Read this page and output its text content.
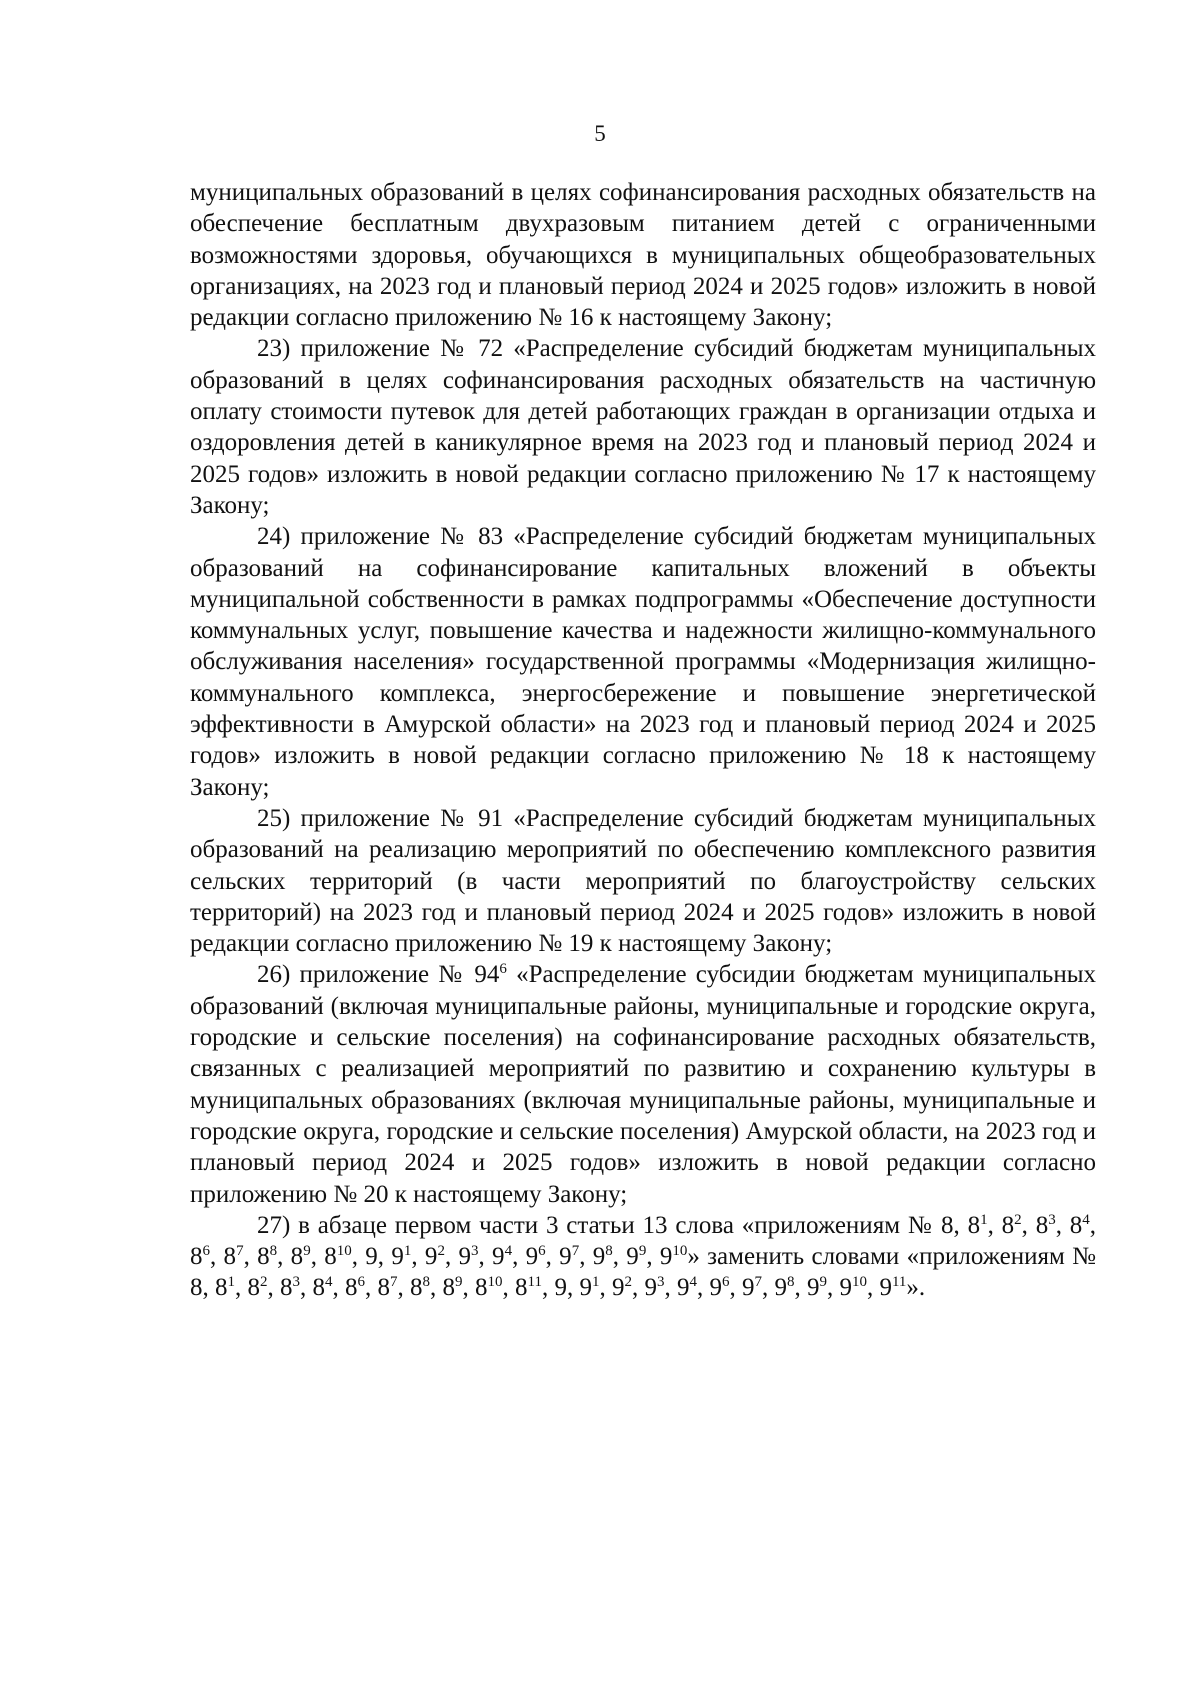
5

муниципальных образований в целях софинансирования расходных обязательств на обеспечение бесплатным двухразовым питанием детей с ограниченными возможностями здоровья, обучающихся в муниципальных общеобразовательных организациях, на 2023 год и плановый период 2024 и 2025 годов» изложить в новой редакции согласно приложению № 16 к настоящему Закону;

23) приложение № 72 «Распределение субсидий бюджетам муниципальных образований в целях софинансирования расходных обязательств на частичную оплату стоимости путевок для детей работающих граждан в организации отдыха и оздоровления детей в каникулярное время на 2023 год и плановый период 2024 и 2025 годов» изложить в новой редакции согласно приложению № 17 к настоящему Закону;

24) приложение № 83 «Распределение субсидий бюджетам муниципальных образований на софинансирование капитальных вложений в объекты муниципальной собственности в рамках подпрограммы «Обеспечение доступности коммунальных услуг, повышение качества и надежности жилищно-коммунального обслуживания населения» государственной программы «Модернизация жилищно-коммунального комплекса, энергосбережение и повышение энергетической эффективности в Амурской области» на 2023 год и плановый период 2024 и 2025 годов» изложить в новой редакции согласно приложению № 18 к настоящему Закону;

25) приложение № 91 «Распределение субсидий бюджетам муниципальных образований на реализацию мероприятий по обеспечению комплексного развития сельских территорий (в части мероприятий по благоустройству сельских территорий) на 2023 год и плановый период 2024 и 2025 годов» изложить в новой редакции согласно приложению № 19 к настоящему Закону;

26) приложение № $94^6$ «Распределение субсидии бюджетам муниципальных образований (включая муниципальные районы, муниципальные и городские округа, городские и сельские поселения) на софинансирование расходных обязательств, связанных с реализацией мероприятий по развитию и сохранению культуры в муниципальных образованиях (включая муниципальные районы, муниципальные и городские округа, городские и сельские поселения) Амурской области, на 2023 год и плановый период 2024 и 2025 годов» изложить в новой редакции согласно приложению № 20 к настоящему Закону;

27) в абзаце первом части 3 статьи 13 слова «приложениям № 8, $8^1$, $8^2$, $8^3$, $8^4$, $8^6$, $8^7$, $8^8$, $8^9$, $8^{10}$, 9, $9^1$, $9^2$, $9^3$, $9^4$, $9^6$, $9^7$, $9^8$, $9^9$, $9^{10}$» заменить словами «приложениям № 8, $8^1$, $8^2$, $8^3$, $8^4$, $8^6$, $8^7$, $8^8$, $8^9$, $8^{10}$, $8^{11}$, 9, $9^1$, $9^2$, $9^3$, $9^4$, $9^6$, $9^7$, $9^8$, $9^9$, $9^{10}$, $9^{11}$».
